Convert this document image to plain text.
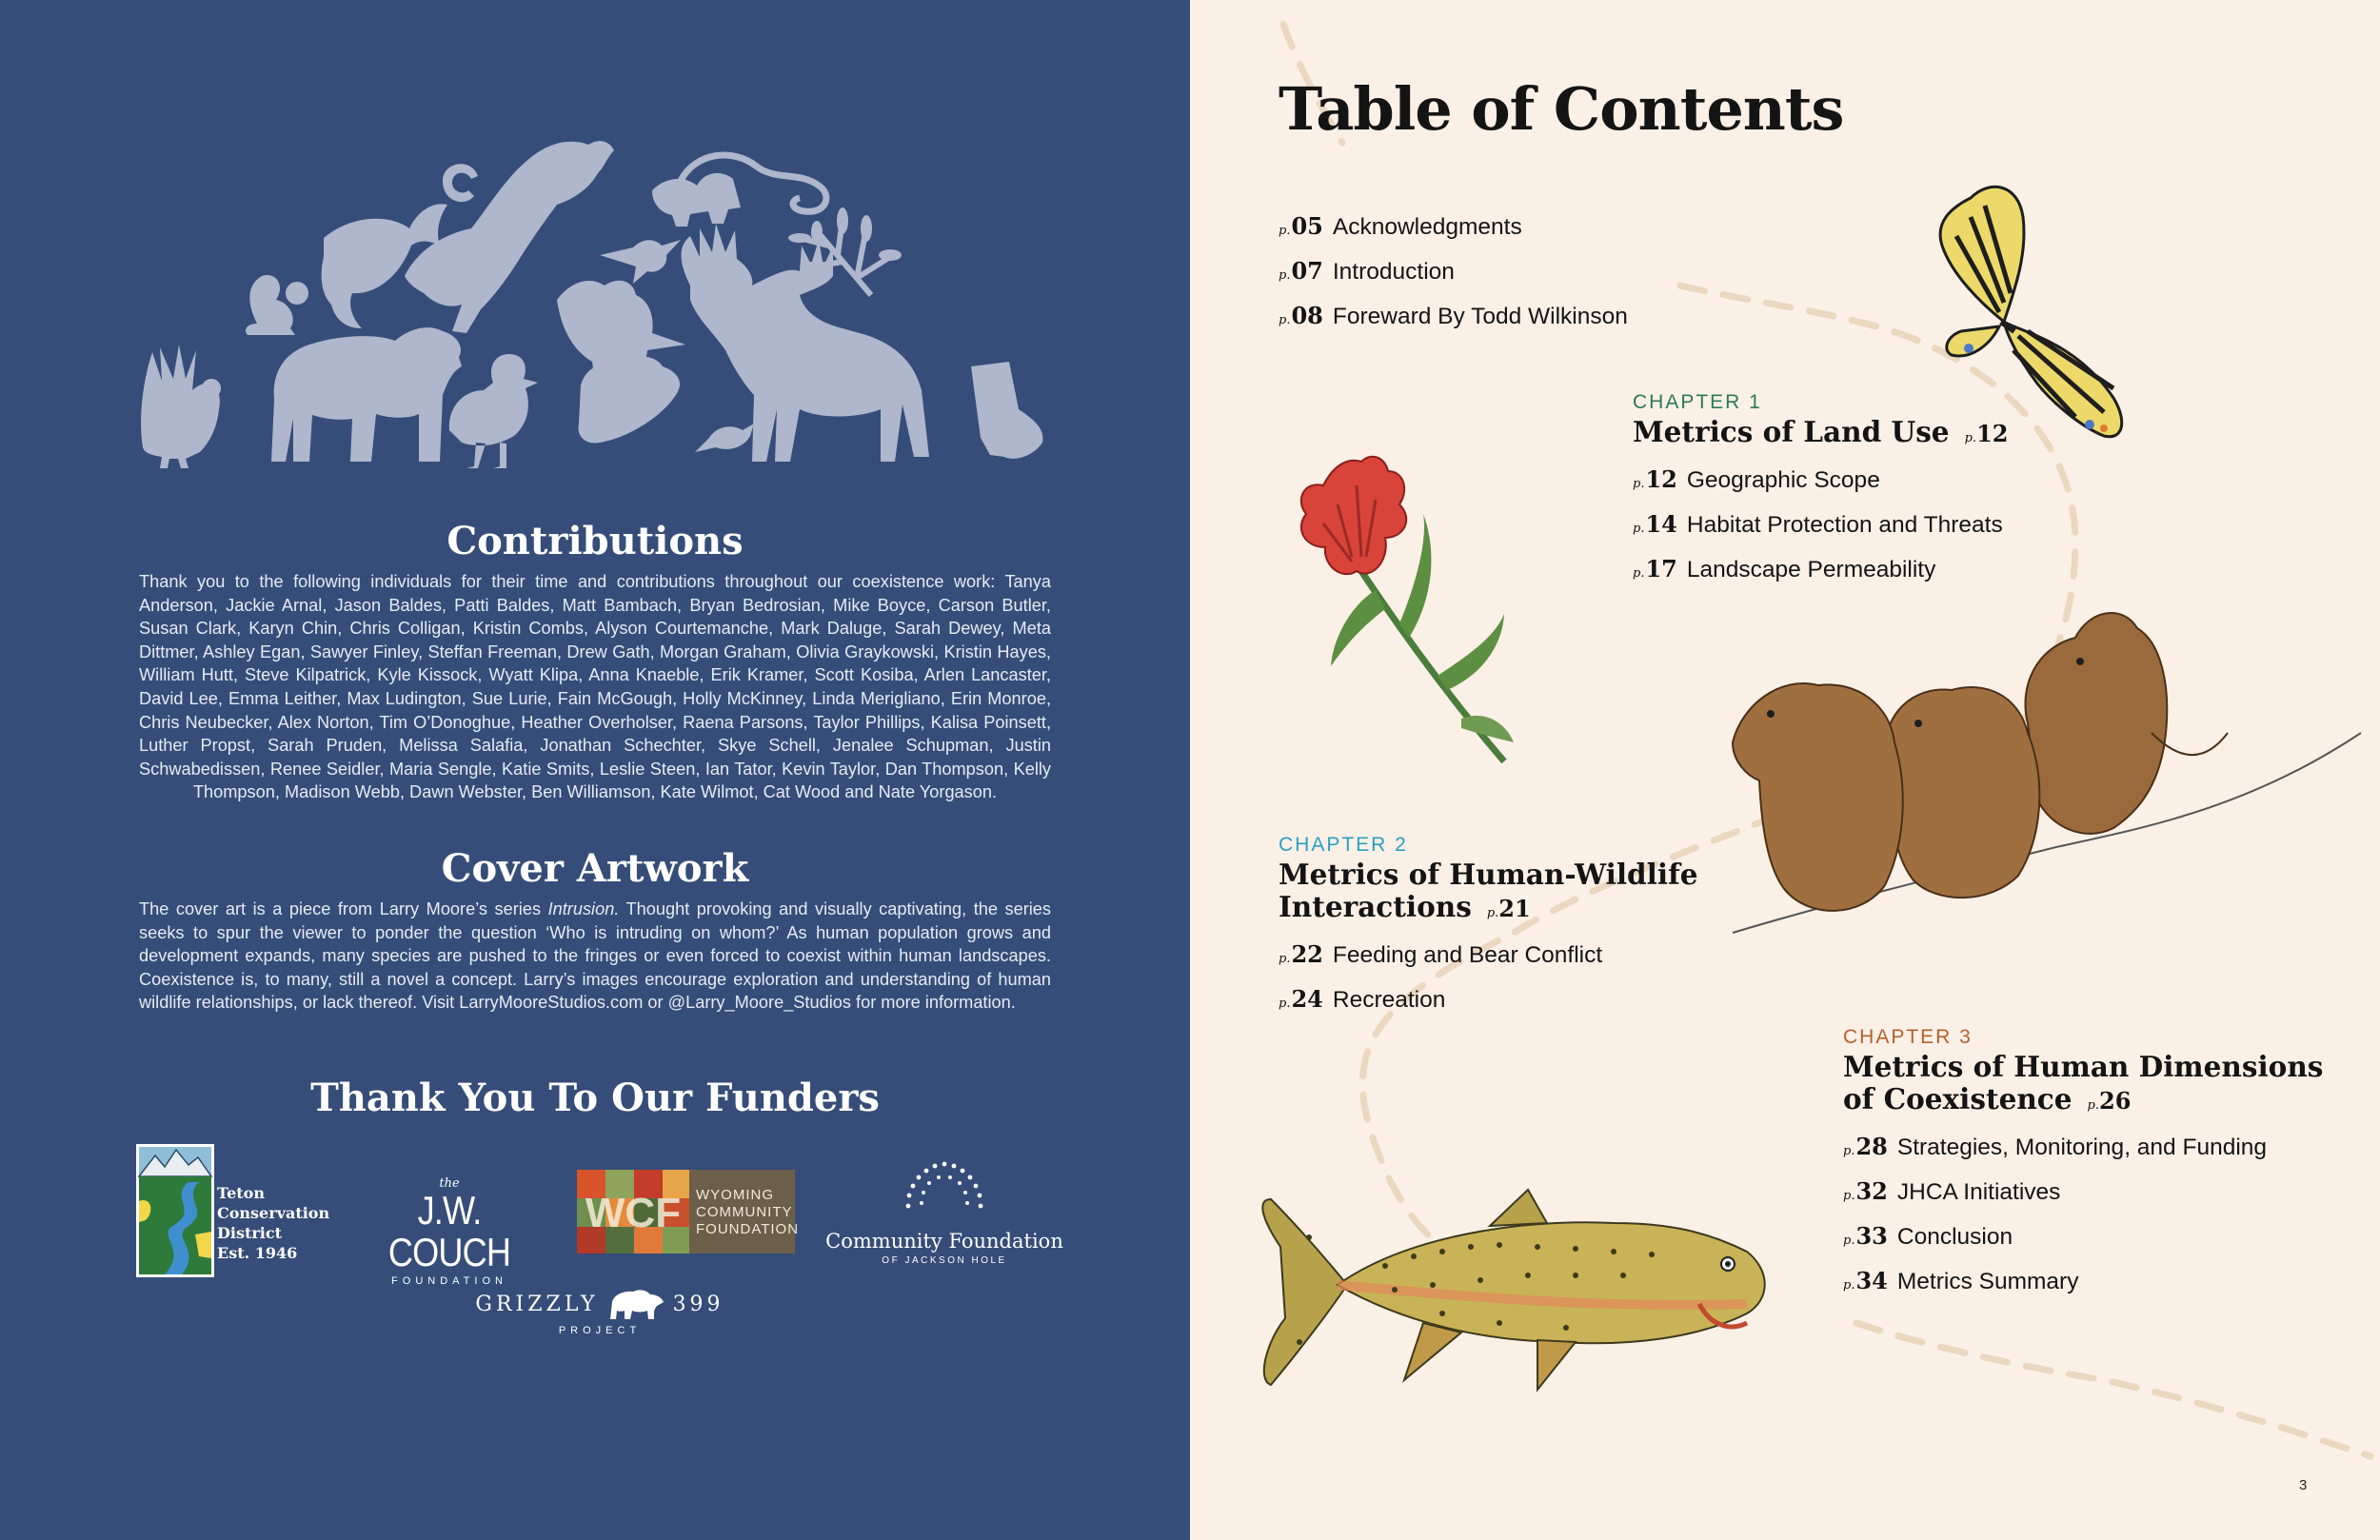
Contributions

Thank you to the following individuals for their time and contributions throughout our coexistence work: Tanya Anderson, Jackie Arnal, Jason Baldes, Patti Baldes, Matt Bambach, Bryan Bedrosian, Mike Boyce, Carson Butler, Susan Clark, Karyn Chin, Chris Colligan, Kristin Combs, Alyson Courtemanche, Mark Daluge, Sarah Dewey, Meta Dittmer, Ashley Egan, Sawyer Finley, Steffan Freeman, Drew Gath, Morgan Graham, Olivia Graykowski, Kristin Hayes, William Hutt, Steve Kilpatrick, Kyle Kissock, Wyatt Klipa, Anna Knaeble, Erik Kramer, Scott Kosiba, Arlen Lancaster, David Lee, Emma Leither, Max Ludington, Sue Lurie, Fain McGough, Holly McKinney, Linda Merigliano, Erin Monroe, Chris Neubecker, Alex Norton, Tim O’Donoghue, Heather Overholser, Raena Parsons, Taylor Phillips, Kalisa Poinsett, Luther Propst, Sarah Pruden, Melissa Salafia, Jonathan Schechter, Skye Schell, Jenalee Schupman, Justin Schwabedissen, Renee Seidler, Maria Sengle, Katie Smits, Leslie Steen, Ian Tator, Kevin Taylor, Dan Thompson, Kelly Thompson, Madison Webb, Dawn Webster, Ben Williamson, Kate Wilmot, Cat Wood and Nate Yorgason.

Cover Artwork

The cover art is a piece from Larry Moore’s series Intrusion. Thought provoking and visually captivating, the series seeks to spur the viewer to ponder the question ‘Who is intruding on whom?’ As human population grows and development expands, many species are pushed to the fringes or even forced to coexist within human landscapes. Coexistence is, to many, still a novel a concept. Larry’s images encourage exploration and understanding of human wildlife relationships, or lack thereof. Visit LarryMooreStudios.com or @Larry_Moore_Studios for more information.

Thank You To Our Funders
Teton
Conservation
District
Est. 1946
the
J.W. COUCH
FOUNDATION
WCF WYOMING
COMMUNITY
FOUNDATION
Community Foundation
OF JACKSON HOLE
GRIZZLY	399
PROJECT
Table of Contents
p. 05 Acknowledgments
p. 07 Introduction
p. 08 Foreward By Todd Wilkinson
CHAPTER 1
Metrics of Land Use p.12
p. 12 Geographic Scope
p. 14 Habitat Protection and Threats
p. 17 Landscape Permeability
CHAPTER 2
Metrics of Human-Wildlife
Interactions p.21
p. 22 Feeding and Bear Conflict
p. 24 Recreation
CHAPTER 3
Metrics of Human Dimensions
of Coexistence p.26
p. 28 Strategies, Monitoring, and Funding
p. 32 JHCA Initiatives
p. 33 Conclusion
p. 34 Metrics Summary
3
